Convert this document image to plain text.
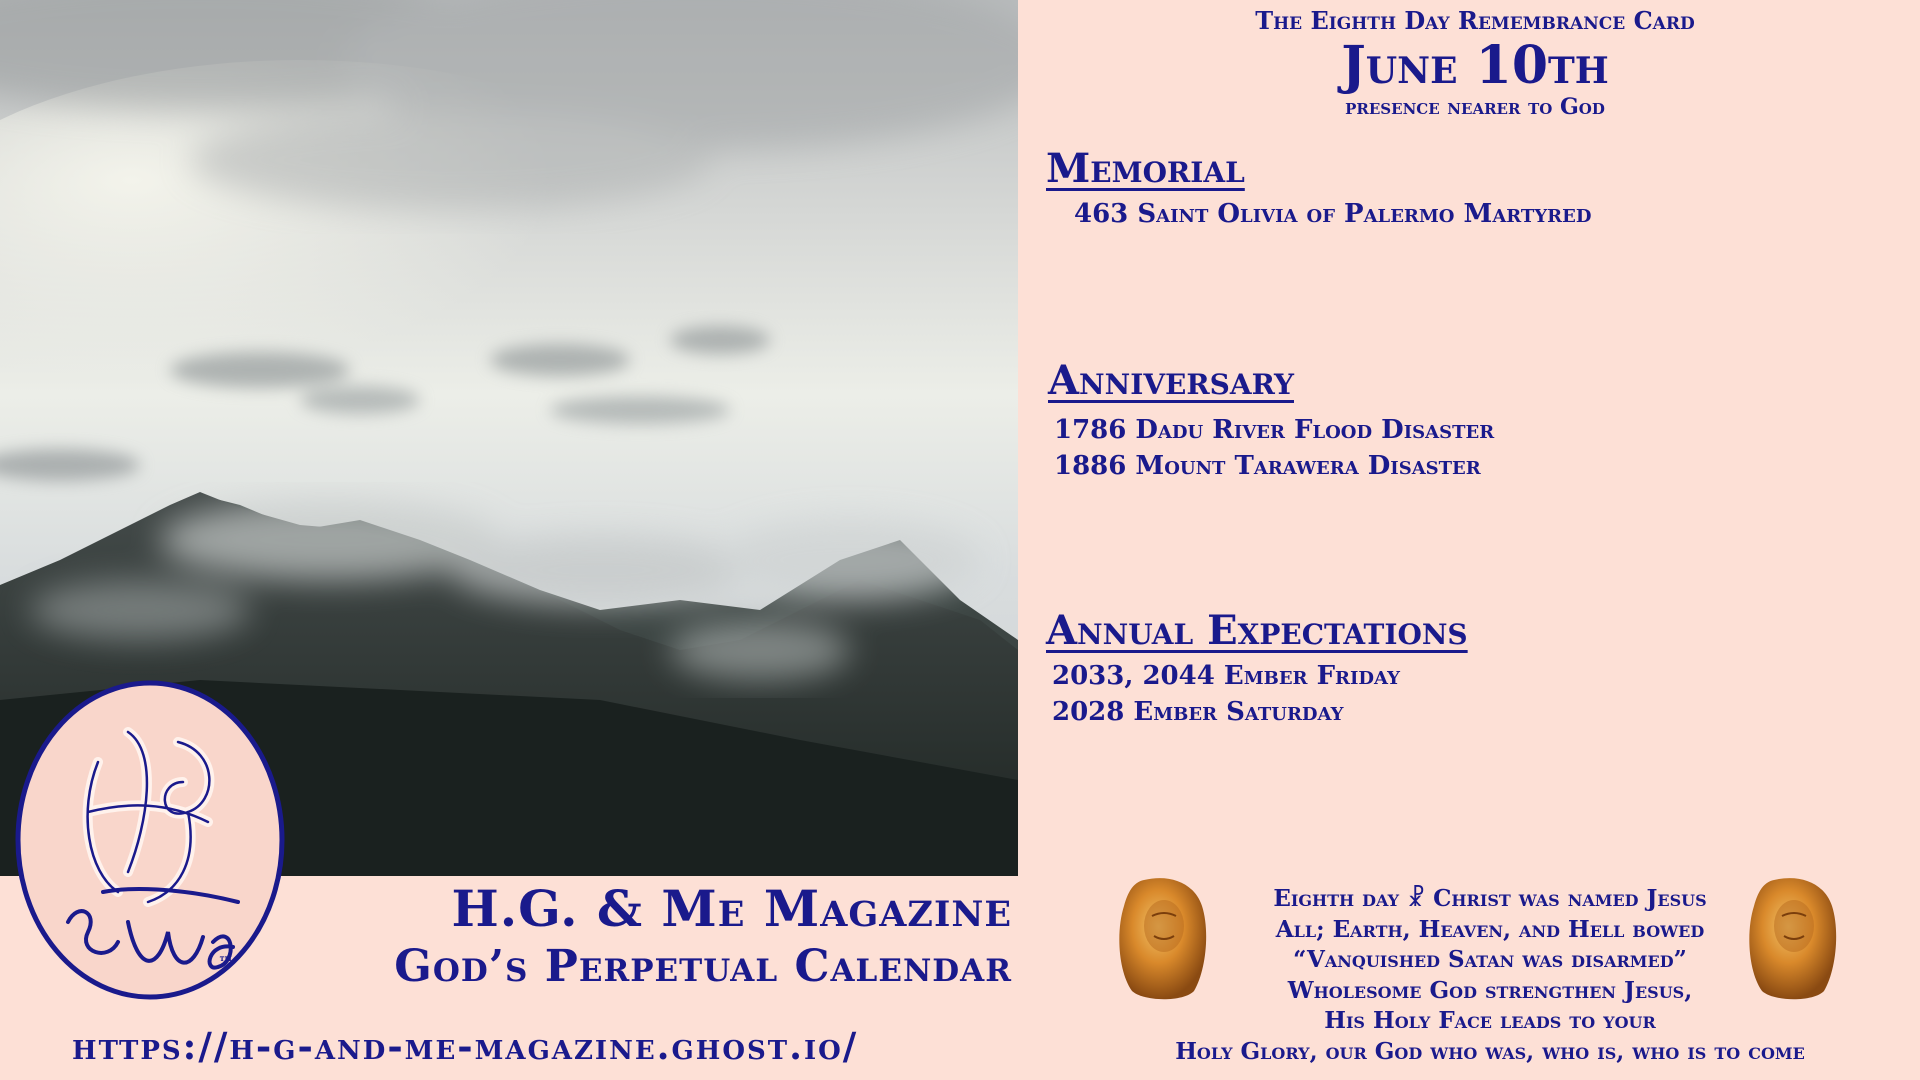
™
H.G. & Me Magazine
God’s Perpetual Calendar
https://h-g-and-me-magazine.ghost.io/
The Eighth Day Remembrance Card
June 10th
presence nearer to God
Memorial
463 Saint Olivia of Palermo Martyred
Anniversary
1786 Dadu River Flood Disaster
1886 Mount Tarawera Disaster
Annual Expectations
2033, 2044 Ember Friday
2028 Ember Saturday
Eighth day ☧ Christ was named Jesus
All; Earth, Heaven, and Hell bowed
“Vanquished Satan was disarmed”
Wholesome God strengthen Jesus,
His Holy Face leads to your
Holy Glory, our God who was, who is, who is to come
